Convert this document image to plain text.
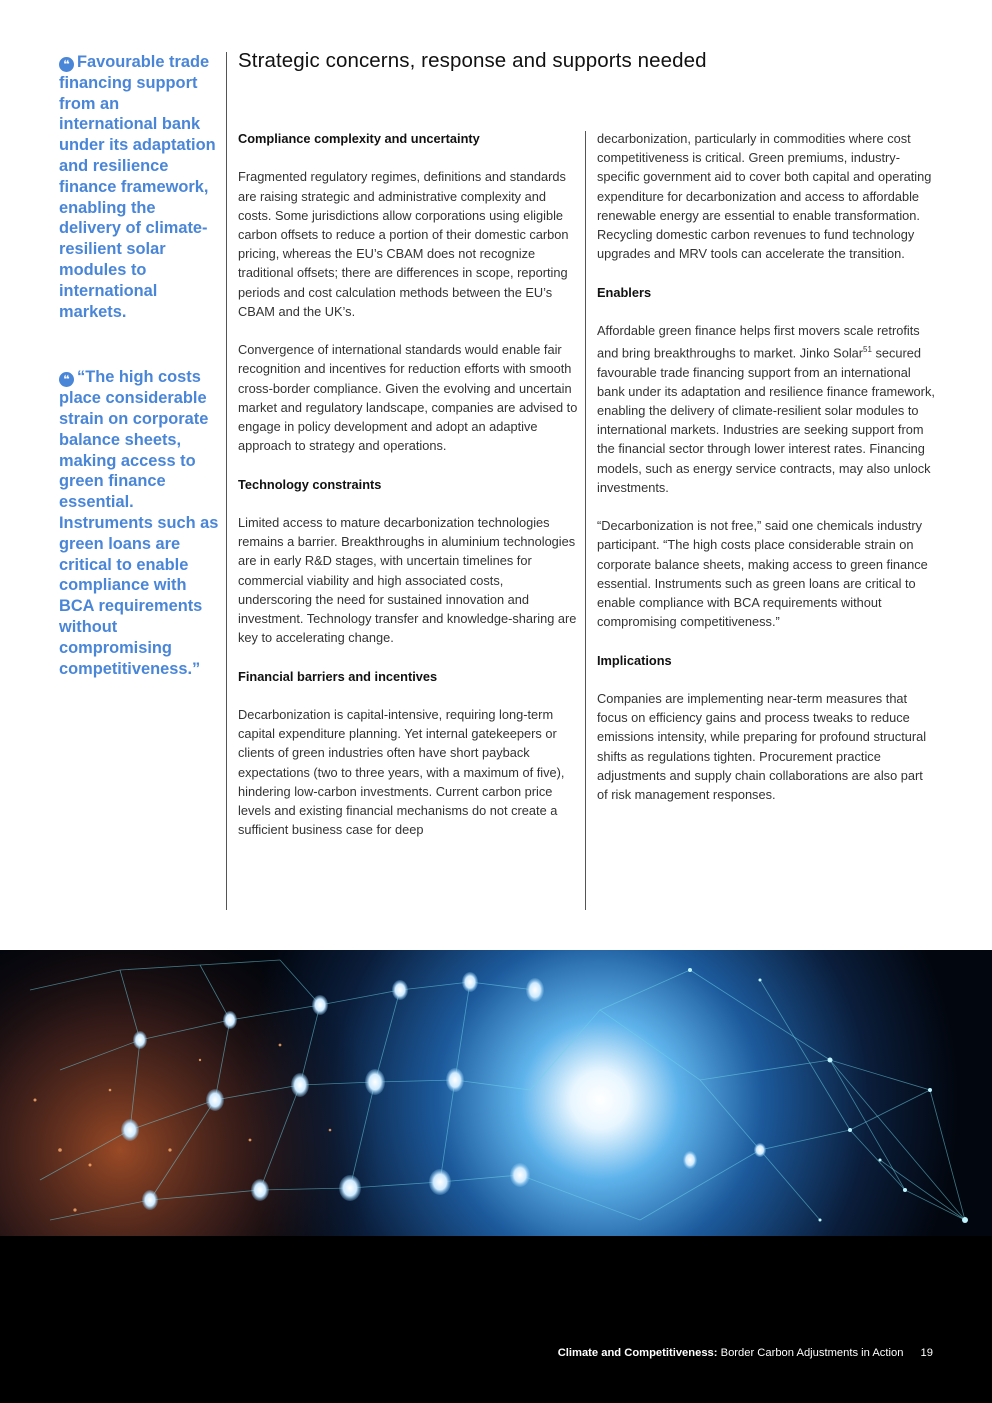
❝ Favourable trade financing support from an international bank under its adaptation and resilience finance framework, enabling the delivery of climate-resilient solar modules to international markets.
❝ “The high costs place considerable strain on corporate balance sheets, making access to green finance essential. Instruments such as green loans are critical to enable compliance with BCA requirements without compromising competitiveness.”
Strategic concerns, response and supports needed
Compliance complexity and uncertainty

Fragmented regulatory regimes, definitions and standards are raising strategic and administrative complexity and costs. Some jurisdictions allow corporations using eligible carbon offsets to reduce a portion of their domestic carbon pricing, whereas the EU’s CBAM does not recognize traditional offsets; there are differences in scope, reporting periods and cost calculation methods between the EU’s CBAM and the UK’s.

Convergence of international standards would enable fair recognition and incentives for reduction efforts with smooth cross-border compliance. Given the evolving and uncertain market and regulatory landscape, companies are advised to engage in policy development and adopt an adaptive approach to strategy and operations.

Technology constraints

Limited access to mature decarbonization technologies remains a barrier. Breakthroughs in aluminium technologies are in early R&D stages, with uncertain timelines for commercial viability and high associated costs, underscoring the need for sustained innovation and investment. Technology transfer and knowledge-sharing are key to accelerating change.

Financial barriers and incentives

Decarbonization is capital-intensive, requiring long-term capital expenditure planning. Yet internal gatekeepers or clients of green industries often have short payback expectations (two to three years, with a maximum of five), hindering low-carbon investments. Current carbon price levels and existing financial mechanisms do not create a sufficient business case for deep

decarbonization, particularly in commodities where cost competitiveness is critical. Green premiums, industry-specific government aid to cover both capital and operating expenditure for decarbonization and access to affordable renewable energy are essential to enable transformation. Recycling domestic carbon revenues to fund technology upgrades and MRV tools can accelerate the transition.

Enablers

Affordable green finance helps first movers scale retrofits and bring breakthroughs to market. Jinko Solar$^{51}$ secured favourable trade financing support from an international bank under its adaptation and resilience finance framework, enabling the delivery of climate-resilient solar modules to international markets. Industries are seeking support from the financial sector through lower interest rates. Financing models, such as energy service contracts, may also unlock investments.

“Decarbonization is not free,” said one chemicals industry participant. “The high costs place considerable strain on corporate balance sheets, making access to green finance essential. Instruments such as green loans are critical to enable compliance with BCA requirements without compromising competitiveness.”

Implications

Companies are implementing near-term measures that focus on efficiency gains and process tweaks to reduce emissions intensity, while preparing for profound structural shifts as regulations tighten. Procurement practice adjustments and supply chain collaborations are also part of risk management responses.

Climate and Competitiveness: Border Carbon Adjustments in Action 19
